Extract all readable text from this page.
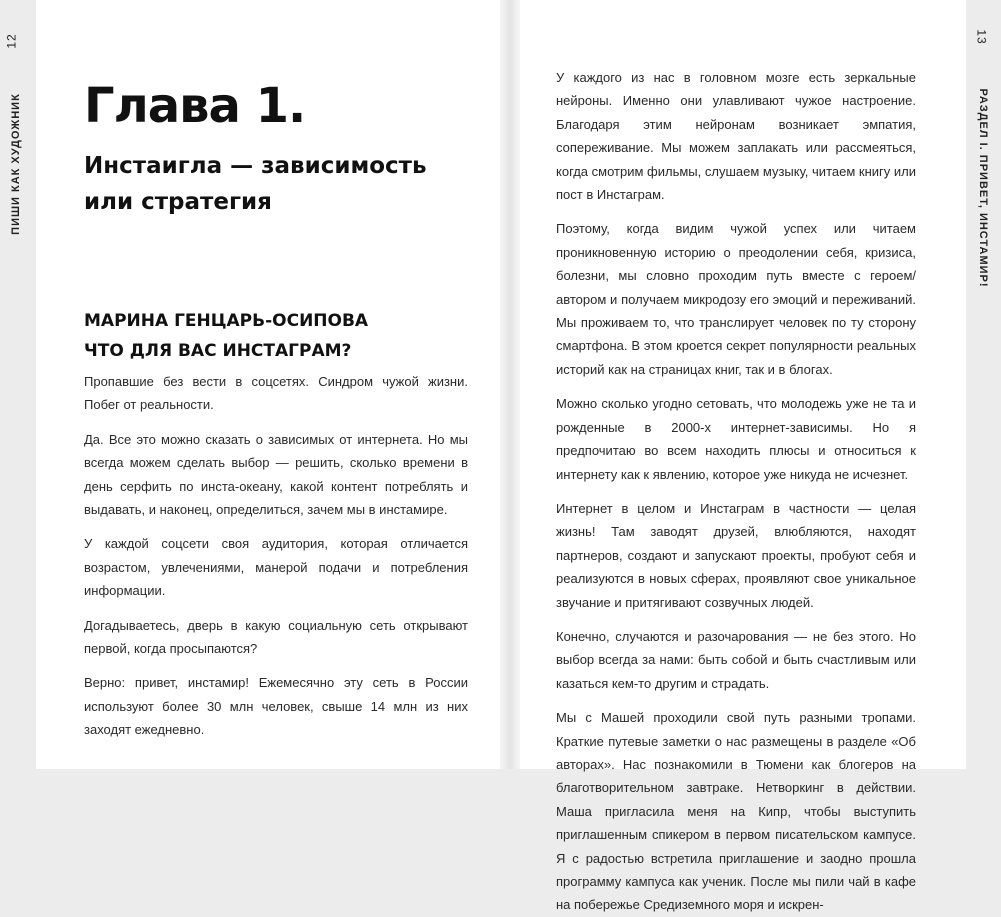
12
ПИШИ КАК ХУДОЖНИК Глава 1.
Инстаигла — зависимость
или стратегия
МАРИНА ГЕНЦАРЬ-ОСИПОВА
ЧТО ДЛЯ ВАС ИНСТАГРАМ?

Пропавшие без вести в соцсетях. Синдром чужой жизни. Побег от реальности.

Да. Все это можно сказать о зависимых от интернета. Но мы всегда можем сделать выбор — решить, сколько времени в день серфить по инста-океану, какой контент потреблять и выдавать, и наконец, определиться, зачем мы в инстамире.

У каждой соцсети своя аудитория, которая отличается возрастом, увлечениями, манерой подачи и потребления информации.

Догадываетесь, дверь в какую социальную сеть открывают первой, когда просыпаются?

Верно: привет, инстамир! Ежемесячно эту сеть в России используют более 30 млн человек, свыше 14 млн из них заходят ежедневно.

У каждого из нас в головном мозге есть зеркальные нейроны. Именно они улавливают чужое настроение. Благодаря этим нейронам возникает эмпатия, сопереживание. Мы можем заплакать или рассмеяться, когда смотрим фильмы, слушаем музыку, читаем книгу или пост в Инстаграм.

Поэтому, когда видим чужой успех или читаем проникновенную историю о преодолении себя, кризиса, болезни, мы словно проходим путь вместе с героем/автором и получаем микродозу его эмоций и переживаний. Мы проживаем то, что транслирует человек по ту сторону смартфона. В этом кроется секрет популярности реальных историй как на страницах книг, так и в блогах.

Можно сколько угодно сетовать, что молодежь уже не та и рожденные в 2000-х интернет-зависимы. Но я предпочитаю во всем находить плюсы и относиться к интернету как к явлению, которое уже никуда не исчезнет.

Интернет в целом и Инстаграм в частности — целая жизнь! Там заводят друзей, влюбляются, находят партнеров, создают и запускают проекты, пробуют себя и реализуются в новых сферах, проявляют свое уникальное звучание и притягивают созвучных людей.

Конечно, случаются и разочарования — не без этого. Но выбор всегда за нами: быть собой и быть счастливым или казаться кем-то другим и страдать.

Мы с Машей проходили свой путь разными тропами. Краткие путевые заметки о нас размещены в разделе «Об авторах». Нас познакомили в Тюмени как блогеров на благотворительном завтраке. Нетворкинг в действии. Маша пригласила меня на Кипр, чтобы выступить приглашенным спикером в первом писательском кампусе. Я с радостью встретила приглашение и заодно прошла программу кампуса как ученик. После мы пили чай в кафе на побережье Средиземного моря и искрен-

13
РАЗДЕЛ I. ПРИВЕТ, ИНСТАМИР!
